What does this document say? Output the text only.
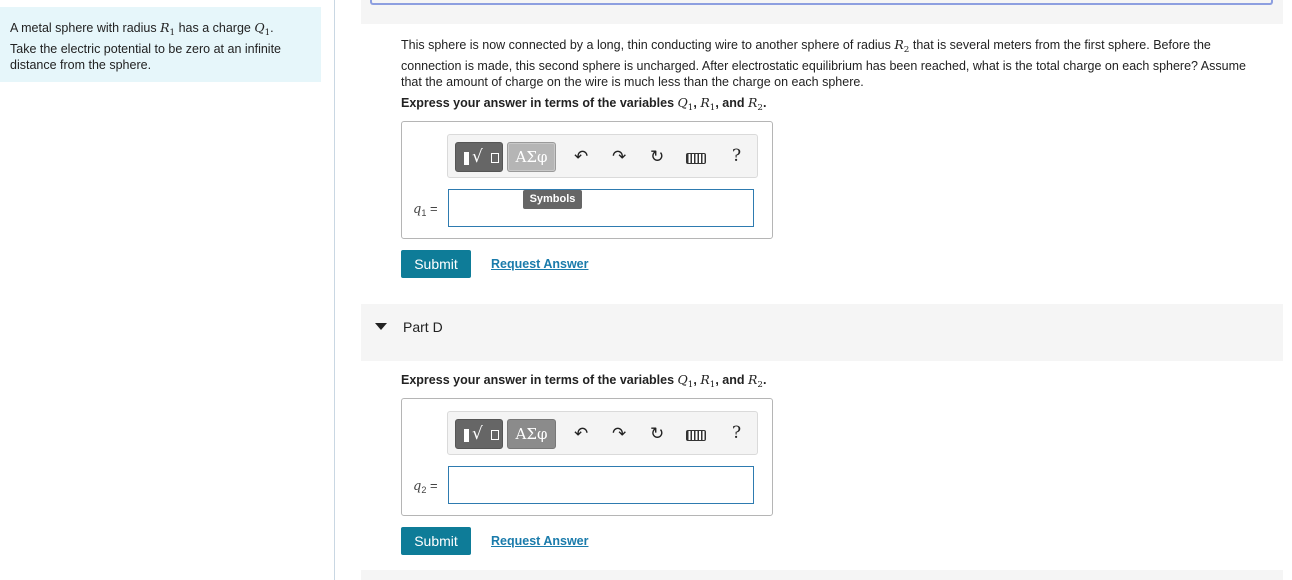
A metal sphere with radius $R_1$ has a charge $Q_1$.
Take the electric potential to be zero at an infinite
distance from the sphere.
This sphere is now connected by a long, thin conducting wire to another sphere of radius $R_2$ that is several meters from the first sphere. Before the
connection is made, this second sphere is uncharged. After electrostatic equilibrium has been reached, what is the total charge on each sphere? Assume
that the amount of charge on the wire is much less than the charge on each sphere.
Express your answer in terms of the variables $Q_1$, $R_1$, and $R_2$.
√	ΑΣφ	↶ ↷ ↻	?
$q_1$ =
Symbols
Submit	Request Answer
Part D
Express your answer in terms of the variables $Q_1$, $R_1$, and $R_2$.
√	ΑΣφ	↶ ↷ ↻	?
$q_2$ =
Submit	Request Answer
